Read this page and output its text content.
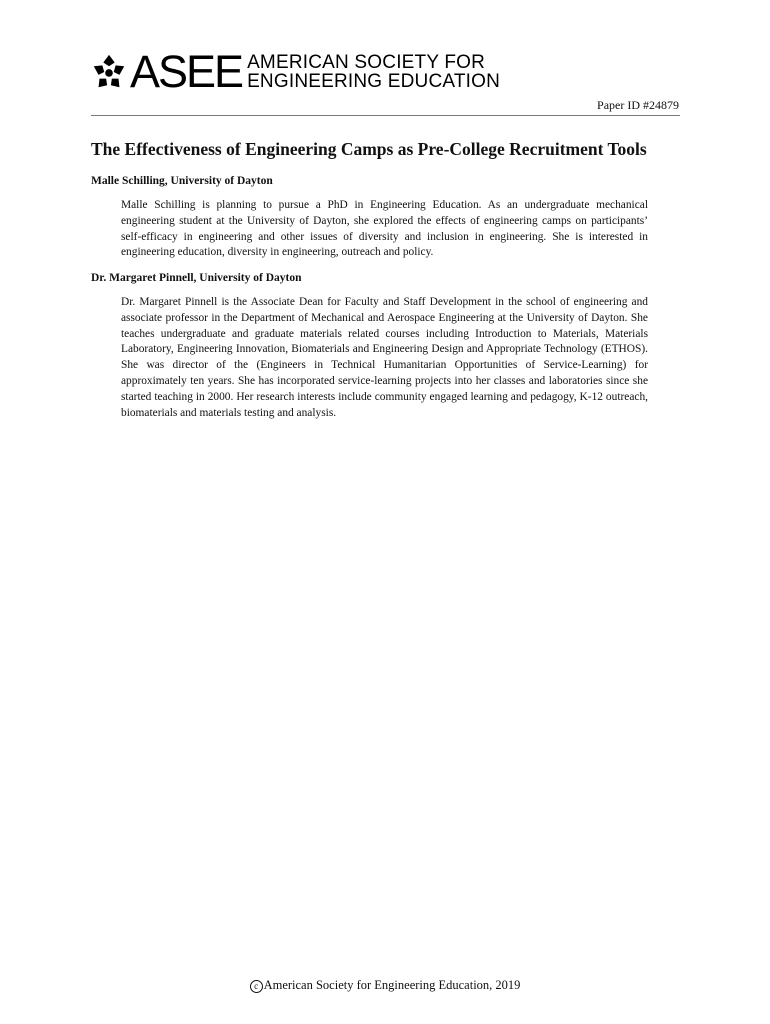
ASEE AMERICAN SOCIETY FOR
ENGINEERING EDUCATION
Paper ID #24879
The Effectiveness of Engineering Camps as Pre-College Recruitment Tools

Malle Schilling, University of Dayton

Malle Schilling is planning to pursue a PhD in Engineering Education. As an undergraduate mechanical engineering student at the University of Dayton, she explored the effects of engineering camps on participants’ self-efficacy in engineering and other issues of diversity and inclusion in engineering. She is interested in engineering education, diversity in engineering, outreach and policy.

Dr. Margaret Pinnell, University of Dayton

Dr. Margaret Pinnell is the Associate Dean for Faculty and Staff Development in the school of engineering and associate professor in the Department of Mechanical and Aerospace Engineering at the University of Dayton. She teaches undergraduate and graduate materials related courses including Introduction to Materials, Materials Laboratory, Engineering Innovation, Biomaterials and Engineering Design and Appropriate Technology (ETHOS). She was director of the (Engineers in Technical Humanitarian Opportunities of Service-Learning) for approximately ten years. She has incorporated service-learning projects into her classes and laboratories since she started teaching in 2000. Her research interests include community engaged learning and pedagogy, K-12 outreach, biomaterials and materials testing and analysis.

c American Society for Engineering Education, 2019
